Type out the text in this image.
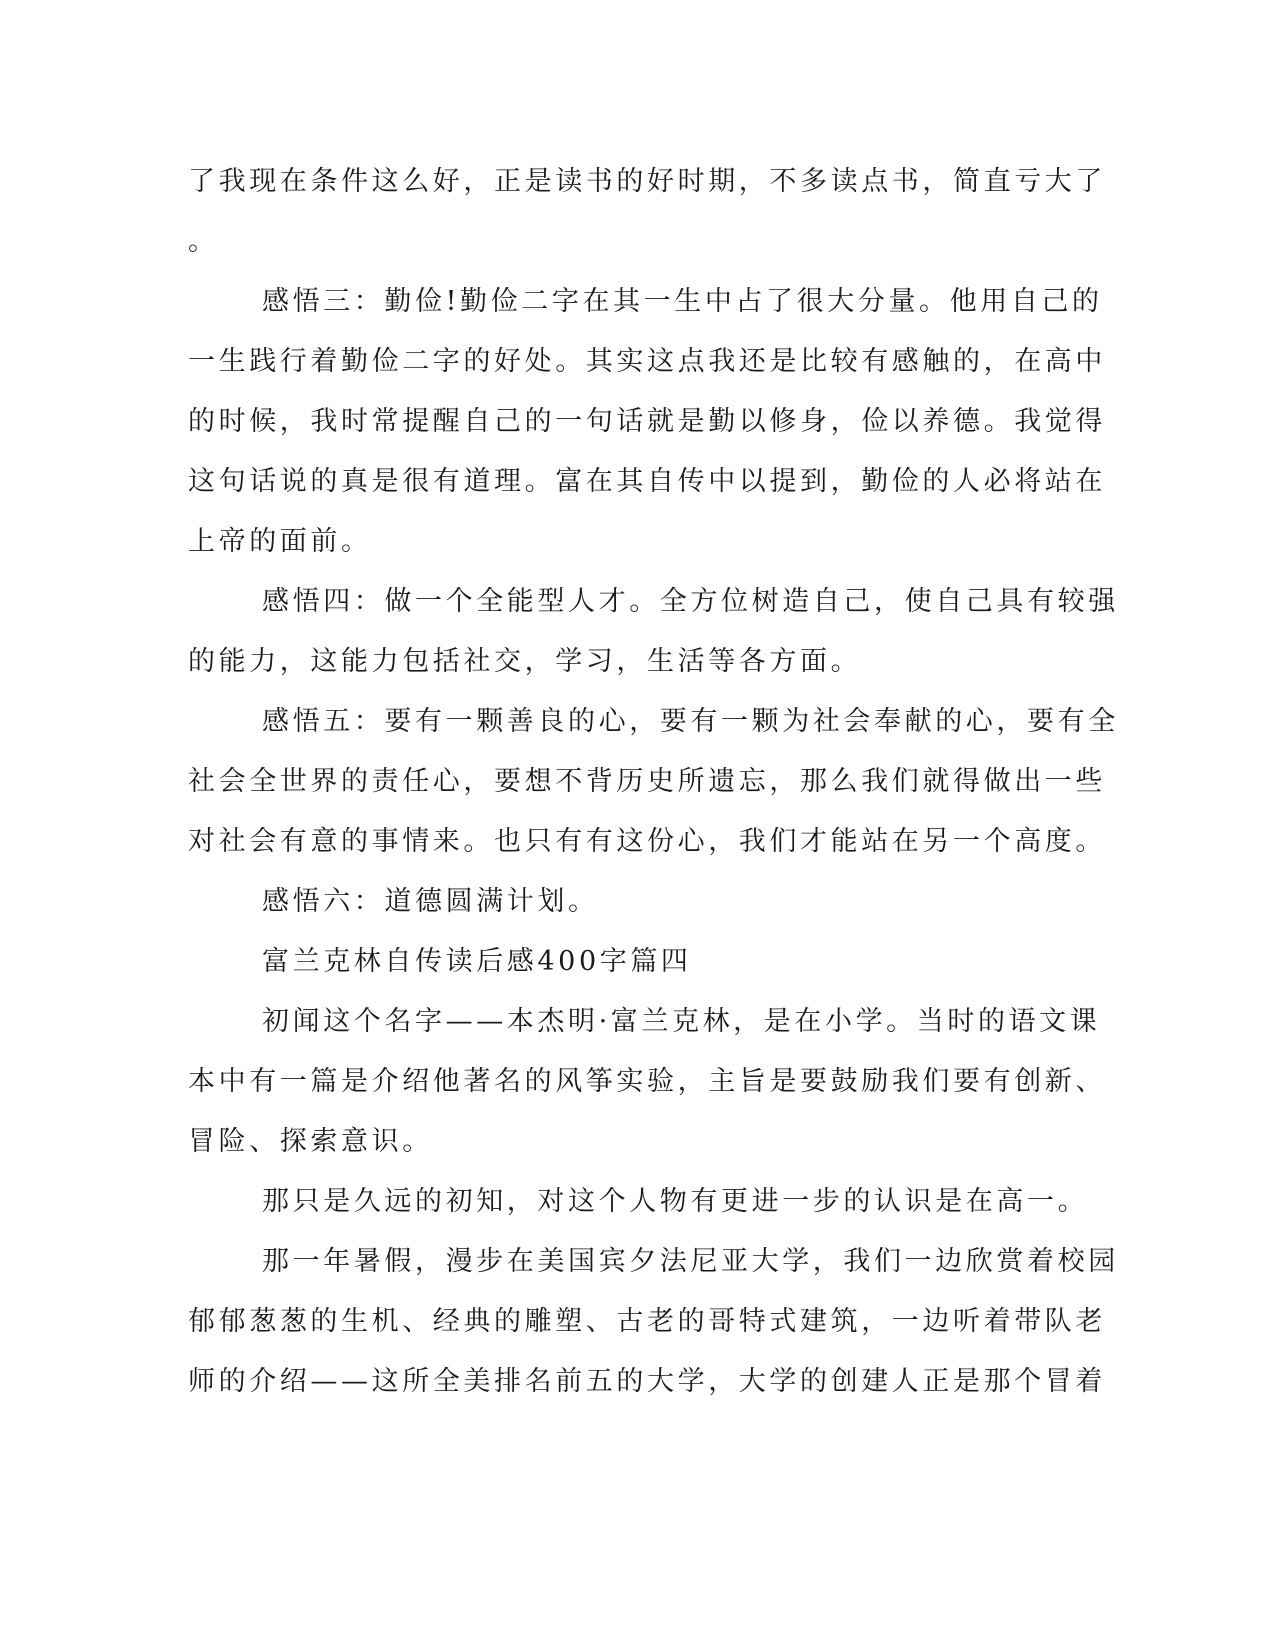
了我现在条件这么好，正是读书的好时期，不多读点书，简直亏大了
。
感悟三：勤俭!勤俭二字在其一生中占了很大分量。他用自己的
一生践行着勤俭二字的好处。其实这点我还是比较有感触的，在高中
的时候，我时常提醒自己的一句话就是勤以修身，俭以养德。我觉得
这句话说的真是很有道理。富在其自传中以提到，勤俭的人必将站在
上帝的面前。
感悟四：做一个全能型人才。全方位树造自己，使自己具有较强
的能力，这能力包括社交，学习，生活等各方面。
感悟五：要有一颗善良的心，要有一颗为社会奉献的心，要有全
社会全世界的责任心，要想不背历史所遗忘，那么我们就得做出一些
对社会有意的事情来。也只有有这份心，我们才能站在另一个高度。
感悟六：道德圆满计划。
富兰克林自传读后感400字篇四
初闻这个名字——本杰明·富兰克林，是在小学。当时的语文课
本中有一篇是介绍他著名的风筝实验，主旨是要鼓励我们要有创新、
冒险、探索意识。
那只是久远的初知，对这个人物有更进一步的认识是在高一。
那一年暑假，漫步在美国宾夕法尼亚大学，我们一边欣赏着校园
郁郁葱葱的生机、经典的雕塑、古老的哥特式建筑，一边听着带队老
师的介绍——这所全美排名前五的大学，大学的创建人正是那个冒着
